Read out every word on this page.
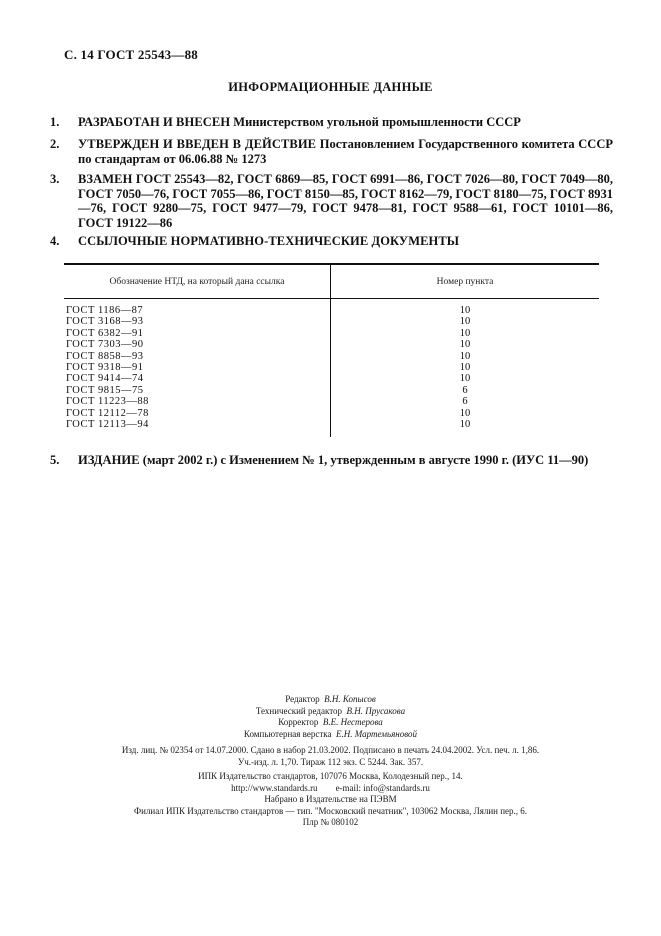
С. 14 ГОСТ 25543—88
ИНФОРМАЦИОННЫЕ ДАННЫЕ
1. РАЗРАБОТАН И ВНЕСЕН Министерством угольной промышленности СССР
2. УТВЕРЖДЕН И ВВЕДЕН В ДЕЙСТВИЕ Постановлением Государственного комитета СССР по стандартам от 06.06.88 № 1273
3. ВЗАМЕН ГОСТ 25543—82, ГОСТ 6869—85, ГОСТ 6991—86, ГОСТ 7026—80, ГОСТ 7049—80, ГОСТ 7050—76, ГОСТ 7055—86, ГОСТ 8150—85, ГОСТ 8162—79, ГОСТ 8180—75, ГОСТ 8931—76, ГОСТ 9280—75, ГОСТ 9477—79, ГОСТ 9478—81, ГОСТ 9588—61, ГОСТ 10101—86, ГОСТ 19122—86
4. ССЫЛОЧНЫЕ НОРМАТИВНО-ТЕХНИЧЕСКИЕ ДОКУМЕНТЫ
Обозначение НТД, на который дана ссылка	Номер пункта
ГОСТ 1186—87	10
ГОСТ 3168—93	10
ГОСТ 6382—91	10
ГОСТ 7303—90	10
ГОСТ 8858—93	10
ГОСТ 9318—91	10
ГОСТ 9414—74	10
ГОСТ 9815—75	6
ГОСТ 11223—88	6
ГОСТ 12112—78	10
ГОСТ 12113—94	10
5. ИЗДАНИЕ (март 2002 г.) с Изменением № 1, утвержденным в августе 1990 г. (ИУС 11—90)
Редактор В.Н. Копысов
Технический редактор В.Н. Прусакова
Корректор В.Е. Нестерова
Компьютерная верстка Е.Н. Мартемьяновой
Изд. лиц. № 02354 от 14.07.2000. Сдано в набор 21.03.2002. Подписано в печать 24.04.2002. Усл. печ. л. 1,86.
Уч.-изд. л. 1,70. Тираж 112 экз. С 5244. Зак. 357.
ИПК Издательство стандартов, 107076 Москва, Колодезный пер., 14.
http://www.standards.ru e-mail: info@standards.ru
Набрано в Издательстве на ПЭВМ
Филиал ИПК Издательство стандартов — тип. "Московский печатник", 103062 Москва, Лялин пер., 6.
Плр № 080102
